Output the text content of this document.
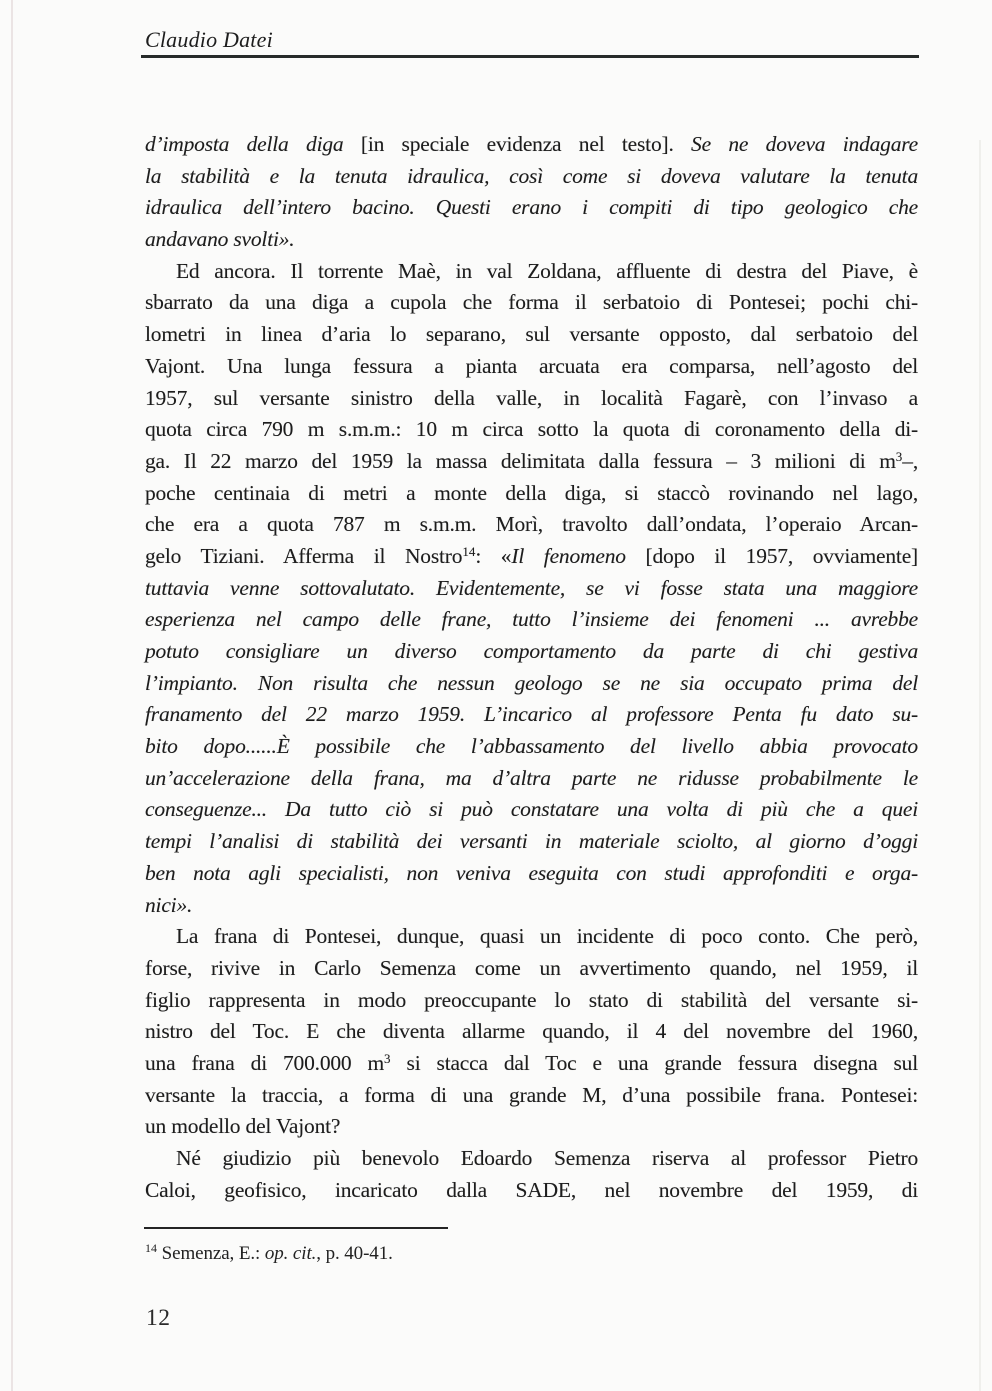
Claudio Datei
d’imposta della diga [in speciale evidenza nel testo]. Se ne doveva indagare
la stabilità e la tenuta idraulica, così come si doveva valutare la tenuta
idraulica dell’intero bacino. Questi erano i compiti di tipo geologico che
andavano svolti».
Ed ancora. Il torrente Maè, in val Zoldana, affluente di destra del Piave, è
sbarrato da una diga a cupola che forma il serbatoio di Pontesei; pochi chi-
lometri in linea d’aria lo separano, sul versante opposto, dal serbatoio del
Vajont. Una lunga fessura a pianta arcuata era comparsa, nell’agosto del
1957, sul versante sinistro della valle, in località Fagarè, con l’invaso a
quota circa 790 m s.m.m.: 10 m circa sotto la quota di coronamento della di-
ga. Il 22 marzo del 1959 la massa delimitata dalla fessura – 3 milioni di $m^3-$,
poche centinaia di metri a monte della diga, si staccò rovinando nel lago,
che era a quota 787 m s.m.m. Morì, travolto dall’ondata, l’operaio Arcan-
gelo Tiziani. Afferma il Nostro$^{14}$: «Il fenomeno [dopo il 1957, ovviamente]
tuttavia venne sottovalutato. Evidentemente, se vi fosse stata una maggiore
esperienza nel campo delle frane, tutto l’insieme dei fenomeni ... avrebbe
potuto consigliare un diverso comportamento da parte di chi gestiva
l’impianto. Non risulta che nessun geologo se ne sia occupato prima del
franamento del 22 marzo 1959. L’incarico al professore Penta fu dato su-
bito dopo......È possibile che l’abbassamento del livello abbia provocato
un’accelerazione della frana, ma d’altra parte ne ridusse probabilmente le
conseguenze... Da tutto ciò si può constatare una volta di più che a quei
tempi l’analisi di stabilità dei versanti in materiale sciolto, al giorno d’oggi
ben nota agli specialisti, non veniva eseguita con studi approfonditi e orga-
nici».
La frana di Pontesei, dunque, quasi un incidente di poco conto. Che però,
forse, rivive in Carlo Semenza come un avvertimento quando, nel 1959, il
figlio rappresenta in modo preoccupante lo stato di stabilità del versante si-
nistro del Toc. E che diventa allarme quando, il 4 del novembre del 1960,
una frana di 700.000 $m^3$ si stacca dal Toc e una grande fessura disegna sul
versante la traccia, a forma di una grande M, d’una possibile frana. Pontesei:
un modello del Vajont?
Né giudizio più benevolo Edoardo Semenza riserva al professor Pietro
Caloi, geofisico, incaricato dalla SADE, nel novembre del 1959, di
$^{14}$ Semenza, E.: op. cit., p. 40-41.
12
